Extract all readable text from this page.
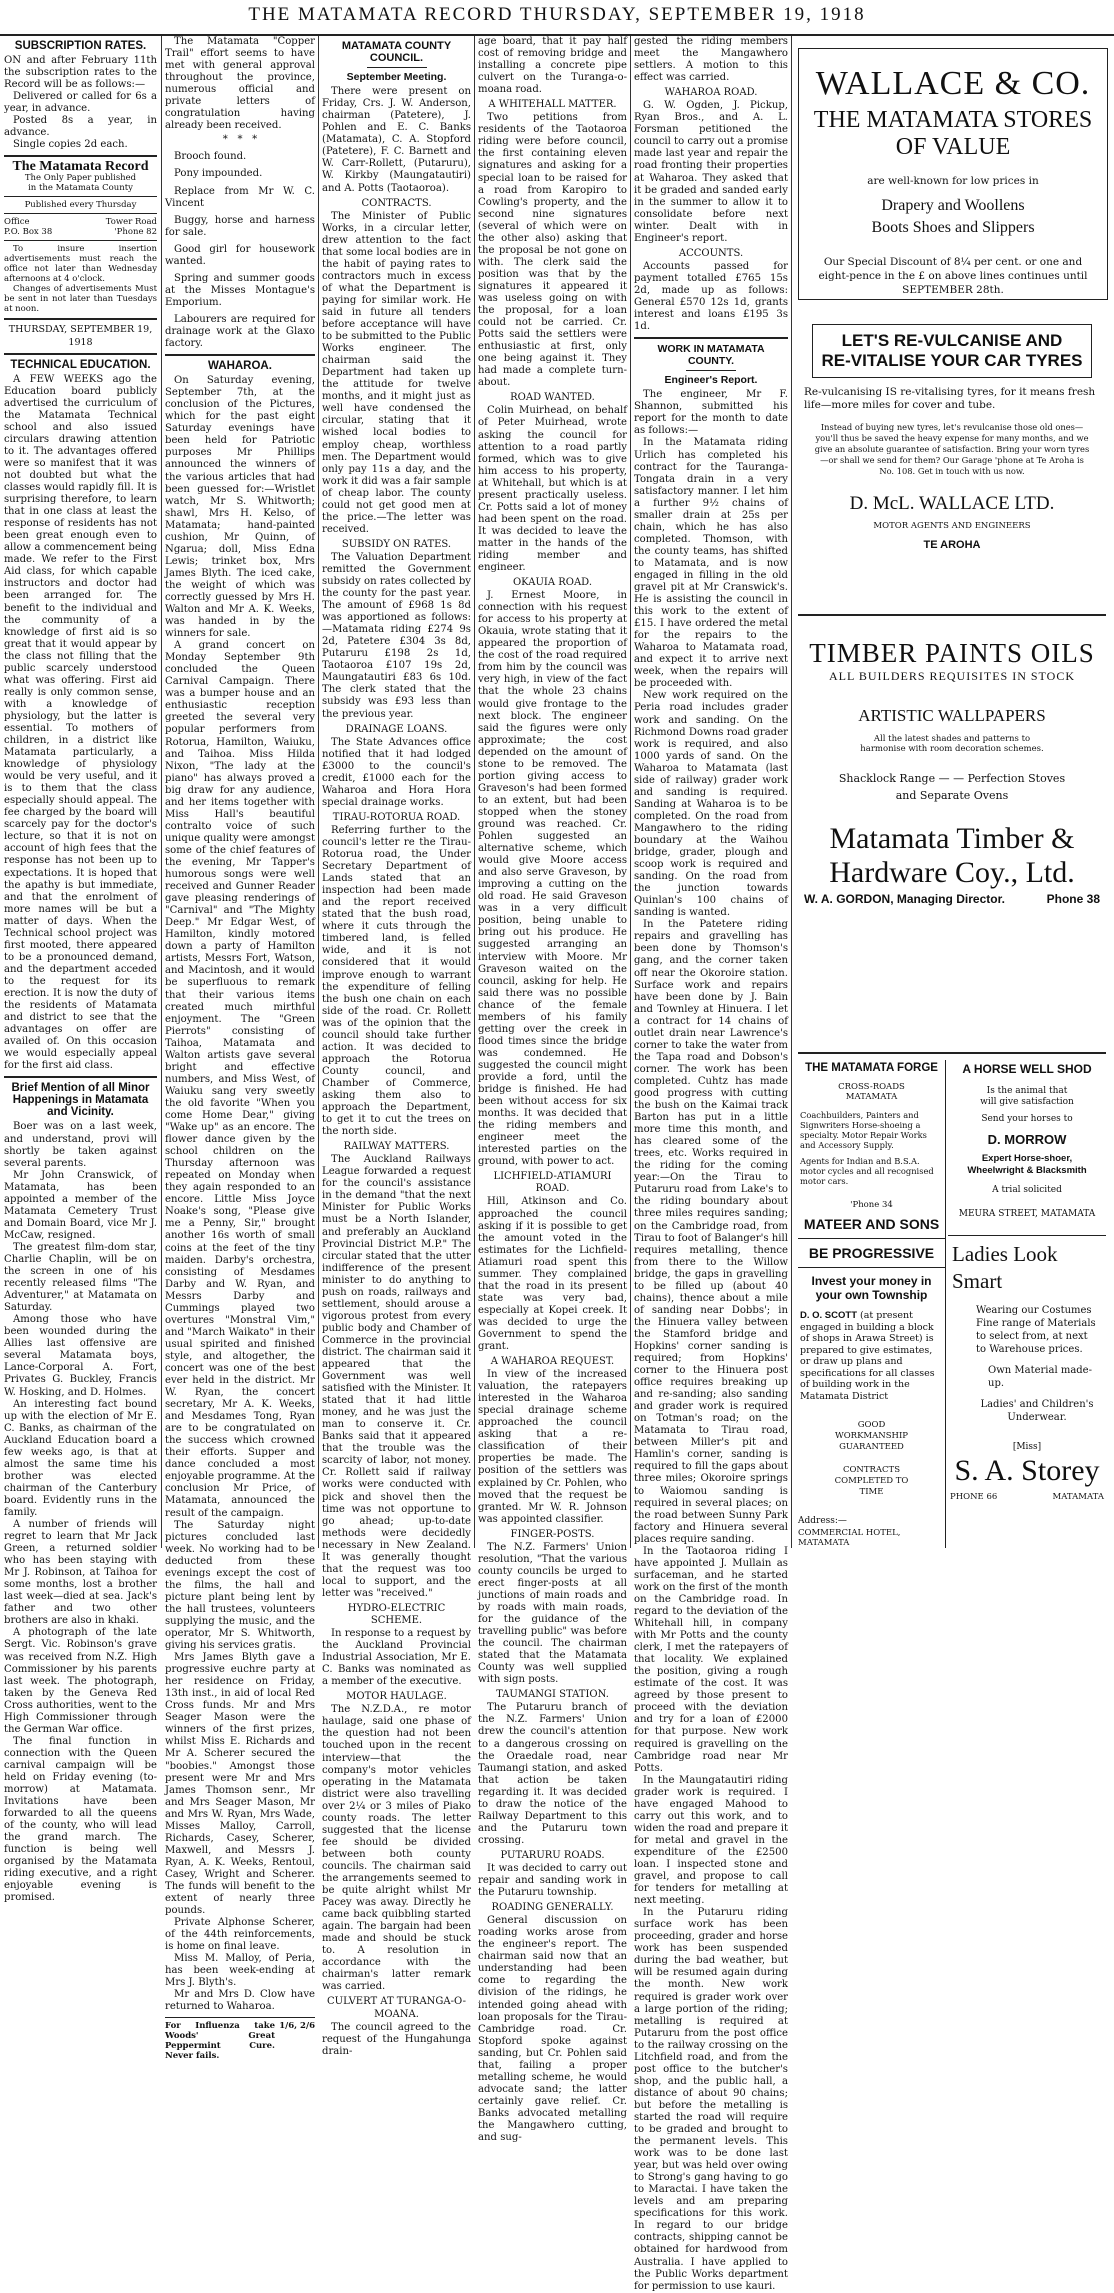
THE MATAMATA RECORD THURSDAY, SEPTEMBER 19, 1918
SUBSCRIPTION RATES.

ON and after February 11th the subscription rates to the Record will be as follows:—

Delivered or called for 6s a year, in advance.

Posted 8s a year, in advance.

Single copies 2d each.

The Matamata Record
The Only Paper published
in the Matamata County
Published every Thursday
Office	Tower Road
P.O. Box 38	'Phone 82

To insure insertion advertisements must reach the office not later than Wednesday afternoons at 4 o'clock.

Changes of advertisements Must be sent in not later than Tuesdays at noon.

THURSDAY, SEPTEMBER 19, 1918
TECHNICAL EDUCATION.

A FEW WEEKS ago the Education board publicly advertised the curriculum of the Matamata Technical school and also issued circulars drawing attention to it. The advantages offered were so manifest that it was not doubted but what the classes would rapidly fill. It is surprising therefore, to learn that in one class at least the response of residents has not been great enough even to allow a commencement being made. We refer to the First Aid class, for which capable instructors and doctor had been arranged for. The benefit to the individual and the community of a knowledge of first aid is so great that it would appear by the class not filling that the public scarcely understood what was offering. First aid really is only common sense, with a knowledge of physiology, but the latter is essential. To mothers of children, in a district like Matamata particularly, a knowledge of physiology would be very useful, and it is to them that the class especially should appeal. The fee charged by the board will scarcely pay for the doctor's lecture, so that it is not on account of high fees that the response has not been up to expectations. It is hoped that the apathy is but immediate, and that the enrolment of more names will be but a matter of days. When the Technical school project was first mooted, there appeared to be a pronounced demand, and the department acceded to the request for its erection. It is now the duty of the residents of Matamata and district to see that the advantages on offer are availed of. On this occasion we would especially appeal for the first aid class.

Brief Mention of all Minor Happenings in Matamata and Vicinity.

Boer was on a last week, and understand, provi will shortly be taken against several parents.

Mr John Cranswick, of Matamata, has been appointed a member of the Matamata Cemetery Trust and Domain Board, vice Mr J. McCaw, resigned.

The greatest film-dom star, Charlie Chaplin, will be on the screen in one of his recently released films "The Adventurer," at Matamata on Saturday.

Among those who have been wounded during the Allies last offensive are several Matamata boys, Lance-Corporal A. Fort, Privates G. Buckley, Francis W. Hosking, and D. Holmes.

An interesting fact bound up with the election of Mr E. C. Banks, as chairman of the Auckland Education board a few weeks ago, is that at almost the same time his brother was elected chairman of the Canterbury board. Evidently runs in the family.

A number of friends will regret to learn that Mr Jack Green, a returned soldier who has been staying with Mr J. Robinson, at Taihoa for some months, lost a brother last week—died at sea. Jack's father and two other brothers are also in khaki.

A photograph of the late Sergt. Vic. Robinson's grave was received from N.Z. High Commissioner by his parents last week. The photograph, taken by the Geneva Red Cross authorities, went to the High Commissioner through the German War office.

The final function in connection with the Queen carnival campaign will be held on Friday evening (to-morrow) at Matamata. Invitations have been forwarded to all the queens of the county, who will lead the grand march. The function is being well organised by the Matamata riding executive, and a right enjoyable evening is promised.

The Matamata "Copper Trail" effort seems to have met with general approval throughout the province, numerous official and private letters of congratulation having already been received.

*   *   *

Brooch found.

Pony impounded.

Replace from Mr W. C. Vincent

Buggy, horse and harness for sale.

Good girl for housework wanted.

Spring and summer goods at the Misses Montague's Emporium.

Labourers are required for drainage work at the Glaxo factory.

WAHAROA.

On Saturday evening, September 7th, at the conclusion of the Pictures, which for the past eight Saturday evenings have been held for Patriotic purposes Mr Phillips announced the winners of the various articles that had been guessed for:—Wristlet watch, Mr S. Whitworth; shawl, Mrs H. Kelso, of Matamata; hand-painted cushion, Mr Quinn, of Ngarua; doll, Miss Edna Lewis; trinket box, Mrs James Blyth. The iced cake, the weight of which was correctly guessed by Mrs H. Walton and Mr A. K. Weeks, was handed in by the winners for sale.

A grand concert on Monday September 9th concluded the Queen Carnival Campaign. There was a bumper house and an enthusiastic reception greeted the several very popular performers from Rotorua, Hamilton, Waiuku, and Taihoa. Miss Hilda Nixon, "The lady at the piano" has always proved a big draw for any audience, and her items together with Miss Hall's beautiful contralto voice of such unique quality were amongst some of the chief features of the evening, Mr Tapper's humorous songs were well received and Gunner Reader gave pleasing renderings of "Carnival" and "The Mighty Deep." Mr Edgar West, of Hamilton, kindly motored down a party of Hamilton artists, Messrs Fort, Watson, and Macintosh, and it would be superfluous to remark that their various items created much mirthful enjoyment. The "Green Pierrots" consisting of Taihoa, Matamata and Walton artists gave several bright and effective numbers, and Miss West, of Waiuku sang very sweetly the old favorite "When you come Home Dear," giving "Wake up" as an encore. The flower dance given by the school children on the Thursday afternoon was repeated on Monday when they again responded to an encore. Little Miss Joyce Noake's song, "Please give me a Penny, Sir," brought another 16s worth of small coins at the feet of the tiny maiden. Darby's orchestra, consisting of Mesdames Darby and W. Ryan, and Messrs Darby and Cummings played two overtures "Monstral Vim," and "March Waikato" in their usual spirited and finished style, and altogether, the concert was one of the best ever held in the district. Mr W. Ryan, the concert secretary, Mr A. K. Weeks, and Mesdames Tong, Ryan are to be congratulated on the success which crowned their efforts. Supper and dance concluded a most enjoyable programme. At the conclusion Mr Price, of Matamata, announced the result of the campaign.

The Saturday night pictures concluded last week. No working had to be deducted from these evenings except the cost of the films, the hall and picture plant being lent by the hall trustees, volunteers supplying the music, and the operator, Mr S. Whitworth, giving his services gratis.

Mrs James Blyth gave a progressive euchre party at her residence on Friday, 13th inst., in aid of local Red Cross funds. Mr and Mrs Seager Mason were the winners of the first prizes, whilst Miss E. Richards and Mr A. Scherer secured the "boobies." Amongst those present were Mr and Mrs James Thomson senr., Mr and Mrs Seager Mason, Mr and Mrs W. Ryan, Mrs Wade, Misses Malloy, Carroll, Richards, Casey, Scherer, Maxwell, and Messrs J. Ryan, A. K. Weeks, Rentoul, Casey, Wright and Scherer. The funds will benefit to the extent of nearly three pounds.

Private Alphonse Scherer, of the 44th reinforcements, is home on final leave.

Miss M. Malloy, of Peria, has been week-ending at Mrs J. Blyth's.

Mr and Mrs D. Clow have returned to Waharoa.

For Influenza take Woods' Great Peppermint Cure. Never fails.
1/6, 2/6
MATAMATA COUNTY COUNCIL.
September Meeting.

There were present on Friday, Crs. J. W. Anderson, chairman (Patetere), J. Pohlen and E. C. Banks (Matamata), C. A. Stopford (Patetere), F. C. Barnett and W. Carr-Rollett, (Putaruru), W. Kirkby (Maungatautiri) and A. Potts (Taotaoroa).

CONTRACTS.

The Minister of Public Works, in a circular letter, drew attention to the fact that some local bodies are in the habit of paying rates to contractors much in excess of what the Department is paying for similar work. He said in future all tenders before acceptance will have to be submitted to the Public Works engineer. The chairman said the Department had taken up the attitude for twelve months, and it might just as well have condensed the circular, stating that it wished local bodies to employ cheap, worthless men. The Department would only pay 11s a day, and the work it did was a fair sample of cheap labor. The county could not get good men at the price.—The letter was received.

SUBSIDY ON RATES.

The Valuation Department remitted the Government subsidy on rates collected by the county for the past year. The amount of £968 1s 8d was apportioned as follows:—Matamata riding £274 9s 2d, Patetere £304 3s 8d, Putaruru £198 2s 1d, Taotaoroa £107 19s 2d, Maungatautiri £83 6s 10d. The clerk stated that the subsidy was £93 less than the previous year.

DRAINAGE LOANS.

The State Advances office notified that it had lodged £3000 to the council's credit, £1000 each for the Waharoa and Hora Hora special drainage works.

TIRAU-ROTORUA ROAD.

Referring further to the council's letter re the Tirau-Rotorua road, the Under Secretary Department of Lands stated that an inspection had been made and the report received stated that the bush road, where it cuts through the timbered land, is felled wide, and it is not considered that it would improve enough to warrant the expenditure of felling the bush one chain on each side of the road. Cr. Rollett was of the opinion that the council should take further action. It was decided to approach the Rotorua County council, and Chamber of Commerce, asking them also to approach the Department, to get it to cut the trees on the north side.

RAILWAY MATTERS.

The Auckland Railways League forwarded a request for the council's assistance in the demand "that the next Minister for Public Works must be a North Islander, and preferably an Auckland Provincial District M.P." The circular stated that the utter indifference of the present minister to do anything to push on roads, railways and settlement, should arouse a vigorous protest from every public body and Chamber of Commerce in the provincial district. The chairman said it appeared that the Government was well satisfied with the Minister. It stated that it had little money, and he was just the man to conserve it. Cr. Banks said that it appeared that the trouble was the scarcity of labor, not money. Cr. Rollett said if railway works were conducted with pick and shovel then the time was not opportune to go ahead; up-to-date methods were decidedly necessary in New Zealand. It was generally thought that the request was too local to support, and the letter was "received."

HYDRO-ELECTRIC SCHEME.

In response to a request by the Auckland Provincial Industrial Association, Mr E. C. Banks was nominated as a member of the executive.

MOTOR HAULAGE.

The N.Z.D.A., re motor haulage, said one phase of the question had not been touched upon in the recent interview—that the company's motor vehicles operating in the Matamata district were also travelling over 2¼ or 3 miles of Piako county roads. The letter suggested that the license fee should be divided between both county councils. The chairman said the arrangements seemed to be quite alright whilst Mr Pacey was away. Directly he came back quibbling started again. The bargain had been made and should be stuck to. A resolution in accordance with the chairman's latter remark was carried.

CULVERT AT TURANGA-O-MOANA.

The council agreed to the request of the Hungahunga drain-

age board, that it pay half cost of removing bridge and installing a concrete pipe culvert on the Turanga-o-moana road.

A WHITEHALL MATTER.

Two petitions from residents of the Taotaoroa riding were before council, the first containing eleven signatures and asking for a special loan to be raised for a road from Karopiro to Cowling's property, and the second nine signatures (several of which were on the other also) asking that the proposal be not gone on with. The clerk said the position was that by the signatures it appeared it was useless going on with the proposal, for a loan could not be carried. Cr. Potts said the settlers were enthusiastic at first, only one being against it. They had made a complete turn-about.

ROAD WANTED.

Colin Muirhead, on behalf of Peter Muirhead, wrote asking the council for attention to a road partly formed, which was to give him access to his property, at Whitehall, but which is at present practically useless. Cr. Potts said a lot of money had been spent on the road. It was decided to leave the matter in the hands of the riding member and engineer.

OKAUIA ROAD.

J. Ernest Moore, in connection with his request for access to his property at Okauia, wrote stating that it appeared the proportion of the cost of the road required from him by the council was very high, in view of the fact that the whole 23 chains would give frontage to the next block. The engineer said the figures were only approximate; the cost depended on the amount of stone to be removed. The portion giving access to Graveson's had been formed to an extent, but had been stopped when the stoney ground was reached. Cr. Pohlen suggested an alternative scheme, which would give Moore access and also serve Graveson, by improving a cutting on the old road. He said Graveson was in a very difficult position, being unable to bring out his produce. He suggested arranging an interview with Moore. Mr Graveson waited on the council, asking for help. He said there was no possible chance of the female members of his family getting over the creek in flood times since the bridge was condemned. He suggested the council might provide a ford, until the bridge is finished. He had been without access for six months. It was decided that the riding members and engineer meet the interested parties on the ground, with power to act.

LICHFIELD-ATIAMURI ROAD.

Hill, Atkinson and Co. approached the council asking if it is possible to get the amount voted in the estimates for the Lichfield-Atiamuri road spent this summer. They complained that the road in its present state was very bad, especially at Kopei creek. It was decided to urge the Government to spend the grant.

A WAHAROA REQUEST.

In view of the increased valuation, the ratepayers interested in the Waharoa special drainage scheme approached the council asking that a re-classification of their properties be made. The position of the settlers was explained by Cr. Pohlen, who moved that the request be granted. Mr W. R. Johnson was appointed classifier.

FINGER-POSTS.

The N.Z. Farmers' Union resolution, "That the various county councils be urged to erect finger-posts at all junctions of main roads and by roads with main roads, for the guidance of the travelling public" was before the council. The chairman stated that the Matamata County was well supplied with sign posts.

TAUMANGI STATION.

The Putaruru branch of the N.Z. Farmers' Union drew the council's attention to a dangerous crossing on the Oraedale road, near Taumangi station, and asked that action be taken regarding it. It was decided to draw the notice of the Railway Department to this and the Putaruru town crossing.

PUTARURU ROADS.

It was decided to carry out repair and sanding work in the Putaruru township.

ROADING GENERALLY.

General discussion on roading works arose from the engineer's report. The chairman said now that an understanding had been come to regarding the division of the ridings, he intended going ahead with loan proposals for the Tirau-Cambridge road. Cr. Stopford spoke against sanding, but Cr. Pohlen said that, failing a proper metalling scheme, he would advocate sand; the latter certainly gave relief. Cr. Banks advocated metalling the Mangawhero cutting, and sug-

gested the riding members meet the Mangawhero settlers. A motion to this effect was carried.

WAHAROA ROAD.

G. W. Ogden, J. Pickup, Ryan Bros., and A. L. Forsman petitioned the council to carry out a promise made last year and repair the road fronting their properties at Waharoa. They asked that it be graded and sanded early in the summer to allow it to consolidate before next winter. Dealt with in Engineer's report.

ACCOUNTS.

Accounts passed for payment totalled £765 15s 2d, made up as follows: General £570 12s 1d, grants interest and loans £195 3s 1d.

WORK IN MATAMATA COUNTY.
Engineer's Report.

The engineer, Mr F. Shannon, submitted his report for the month to date as follows:—

In the Matamata riding Urlich has completed his contract for the Tauranga-Tongata drain in a very satisfactory manner. I let him a further 9½ chains of smaller drain at 25s per chain, which he has also completed. Thomson, with the county teams, has shifted to Matamata, and is now engaged in filling in the old gravel pit at Mr Cranswick's. He is assisting the council in this work to the extent of £15. I have ordered the metal for the repairs to the Waharoa to Matamata road, and expect it to arrive next week, when the repairs will be proceeded with.

New work required on the Peria road includes grader work and sanding. On the Richmond Downs road grader work is required, and also 1000 yards of sand. On the Waharoa to Matamata (last side of railway) grader work and sanding is required. Sanding at Waharoa is to be completed. On the road from Mangawhero to the riding boundary at the Waihou bridge, grader, plough and scoop work is required and sanding. On the road from the junction towards Quinlan's 100 chains of sanding is wanted.

In the Patetere riding repairs and gravelling has been done by Thomson's gang, and the corner taken off near the Okoroire station. Surface work and repairs have been done by J. Bain and Townley at Hinuera. I let a contract for 14 chains of outlet drain near Lawrence's corner to take the water from the Tapa road and Dobson's corner. The work has been completed. Cuhtz has made good progress with cutting the bush on the Kaimai track Barton has put in a little more time this month, and has cleared some of the trees, etc. Works required in the riding for the coming year:—On the Tirau to Putaruru road from Lake's to the riding boundary about three miles requires sanding; on the Cambridge road, from Tirau to foot of Balanger's hill requires metalling, thence from there to the Willow bridge, the gaps in gravelling to be filled up (about 40 chains), thence about a mile of sanding near Dobbs'; in the Hinuera valley between the Stamford bridge and Hopkins' corner sanding is required; from Hopkins' corner to the Hinuera post office requires breaking up and re-sanding; also sanding and grader work is required on Totman's road; on the Matamata to Tirau road, between Miller's pit and Hamlin's corner, sanding is required to fill the gaps about three miles; Okoroire springs to Waiomou sanding is required in several places; on the road between Sunny Park factory and Hinuera several places require sanding.

In the Taotaoroa riding I have appointed J. Mullain as surfaceman, and he started work on the first of the month on the Cambridge road. In regard to the deviation of the Whitehall hill, in company with Mr Potts and the county clerk, I met the ratepayers of that locality. We explained the position, giving a rough estimate of the cost. It was agreed by those present to proceed with the deviation and try for a loan of £2000 for that purpose. New work required is gravelling on the Cambridge road near Mr Potts.

In the Maungatautiri riding grader work is required. I have engaged Mahood to carry out this work, and to widen the road and prepare it for metal and gravel in the expenditure of the £2500 loan. I inspected stone and gravel, and propose to call for tenders for metalling at next meeting.

In the Putaruru riding surface work has been proceeding, grader and horse work has been suspended during the bad weather, but will be resumed again during the month. New work required is grader work over a large portion of the riding; metalling is required at Putaruru from the post office to the railway crossing on the Litchfield road, and from the post office to the butcher's shop, and the public hall, a distance of about 90 chains; but before the metalling is started the road will require to be graded and brought to the permanent levels. This work was to be done last year, but was held over owing to Strong's gang having to go to Maractai. I have taken the levels and am preparing specifications for this work. In regard to our bridge contracts, shipping cannot be obtained for hardwood from Australia. I have applied to the Public Works department for permission to use kauri.

WALLACE & CO.
THE MATAMATA STORES
OF VALUE
are well-known for low prices in
Drapery and Woollens
Boots Shoes and Slippers
Our Special Discount of 8¼ per cent. or one and eight-pence in the £ on above lines continues until SEPTEMBER 28th.
LET'S RE-VULCANISE AND
RE-VITALISE YOUR CAR TYRES
Re-vulcanising IS re-vitalising tyres, for it means fresh life—more miles for cover and tube.
Instead of buying new tyres, let's revulcanise those old ones—you'll thus be saved the heavy expense for many months, and we give an absolute guarantee of satisfaction. Bring your worn tyres—or shall we send for them? Our Garage 'phone at Te Aroha is No. 108. Get in touch with us now.
D. McL. WALLACE LTD.
MOTOR AGENTS AND ENGINEERS
TE AROHA
TIMBER PAINTS OILS
ALL BUILDERS REQUISITES IN STOCK
ARTISTIC WALLPAPERS
All the latest shades and patterns to harmonise with room decoration schemes.
Shacklock Range — — Perfection Stoves
and Separate Ovens
Matamata Timber &
Hardware Coy., Ltd.
W. A. GORDON, Managing Director.	Phone 38
THE MATAMATA FORGE
CROSS-ROADS MATAMATA
Coachbuilders, Painters and Signwriters Horse-shoeing a specialty. Motor Repair Works and Accessory Supply.
Agents for Indian and B.S.A. motor cycles and all recognised motor cars.
'Phone 34
MATEER AND SONS
BE PROGRESSIVE
Invest your money in
your own Township
D. O. SCOTT (at present engaged in building a block of shops in Arawa Street) is prepared to give estimates, or draw up plans and specifications for all classes of building work in the Matamata District
GOOD WORKMANSHIP GUARANTEED
CONTRACTS COMPLETED TO TIME
Address:—
COMMERCIAL HOTEL, MATAMATA
A HORSE WELL SHOD
Is the animal that will give satisfaction
Send your horses to
D. MORROW
Expert Horse-shoer, Wheelwright & Blacksmith
A trial solicited
MEURA STREET, MATAMATA
Ladies Look
Smart
Wearing our Costumes Fine range of Materials to select from, at next to Warehouse prices.
Own Material made-up.
Ladies' and Children's Underwear.
[Miss]
S. A. Storey
PHONE 66	MATAMATA
